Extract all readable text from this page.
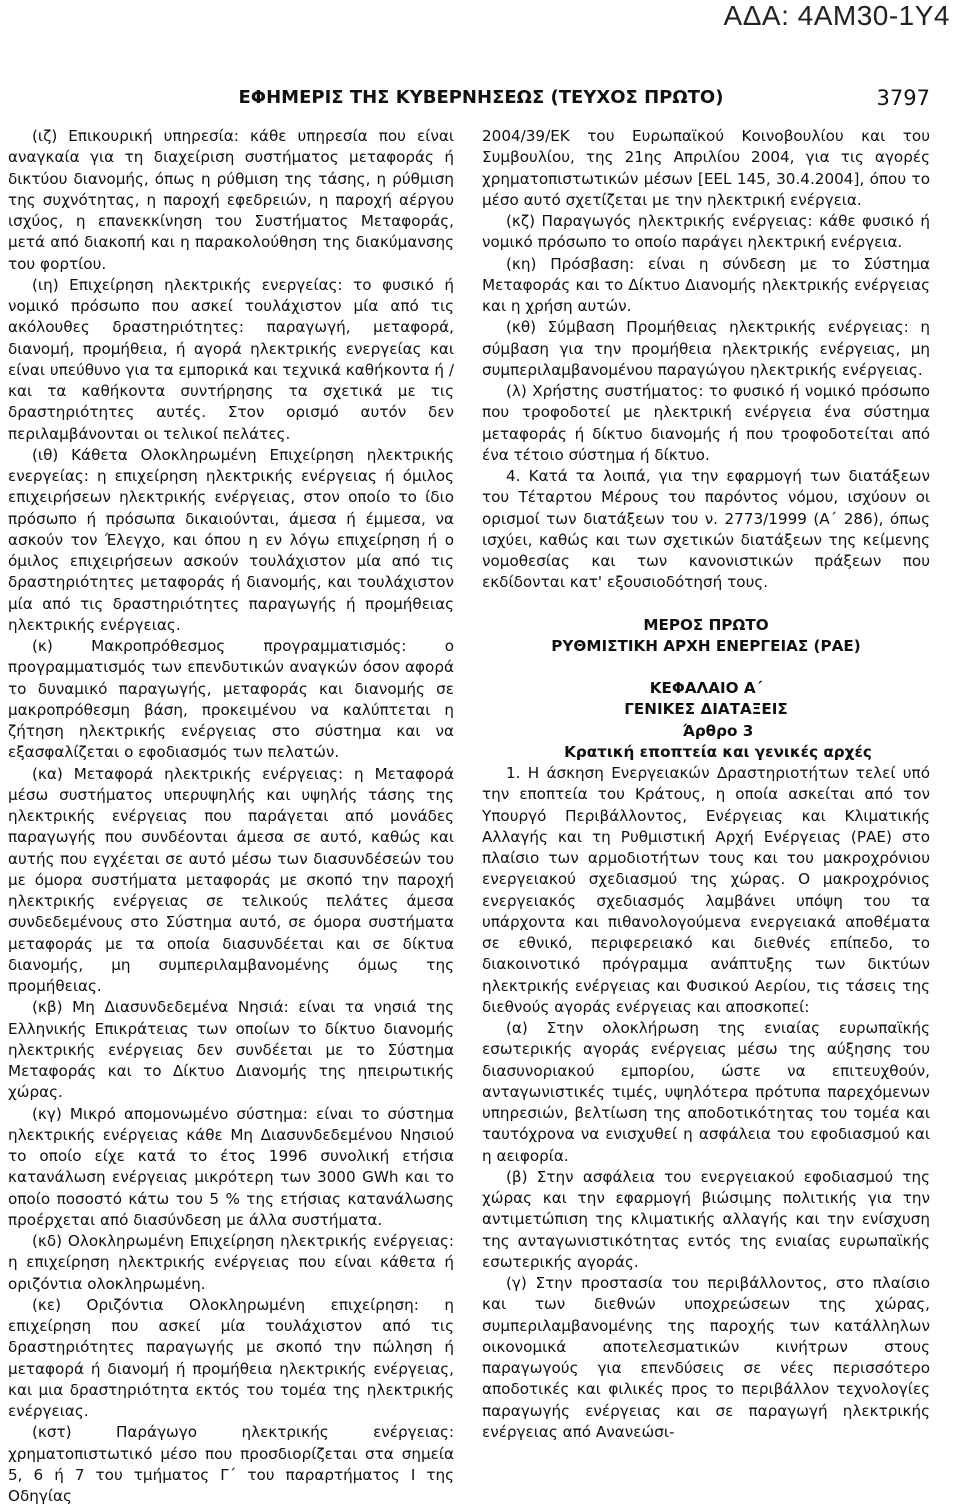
ΑΔΑ: 4ΑΜ30-1Υ4
ΕΦΗΜΕΡΙΣ ΤΗΣ ΚΥΒΕΡΝΗΣΕΩΣ (ΤΕΥΧΟΣ ΠΡΩΤΟ)	3797

(ιζ) Επικουρική υπηρεσία: κάθε υπηρεσία που είναι αναγκαία για τη διαχείριση συστήματος μεταφοράς ή δικτύου διανομής, όπως η ρύθμιση της τάσης, η ρύθμιση της συχνότητας, η παροχή εφεδρειών, η παροχή αέργου ισχύος, η επανεκκίνηση του Συστήματος Μεταφοράς, μετά από διακοπή και η παρακολούθηση της διακύμανσης του φορτίου.

(ιη) Επιχείρηση ηλεκτρικής ενεργείας: το φυσικό ή νομικό πρόσωπο που ασκεί τουλάχιστον μία από τις ακόλουθες δραστηριότητες: παραγωγή, μεταφορά, διανομή, προμήθεια, ή αγορά ηλεκτρικής ενεργείας και είναι υπεύθυνο για τα εμπορικά και τεχνικά καθήκοντα ή /και τα καθήκοντα συντήρησης τα σχετικά με τις δραστηριότητες αυτές. Στον ορισμό αυτόν δεν περιλαμβάνονται οι τελικοί πελάτες.

(ιθ) Κάθετα Ολοκληρωμένη Επιχείρηση ηλεκτρικής ενεργείας: η επιχείρηση ηλεκτρικής ενέργειας ή όμιλος επιχειρήσεων ηλεκτρικής ενέργειας, στον οποίο το ίδιο πρόσωπο ή πρόσωπα δικαιούνται, άμεσα ή έμμεσα, να ασκούν τον Έλεγχο, και όπου η εν λόγω επιχείρηση ή ο όμιλος επιχειρήσεων ασκούν τουλάχιστον μία από τις δραστηριότητες μεταφοράς ή διανομής, και τουλάχιστον μία από τις δραστηριότητες παραγωγής ή προμήθειας ηλεκτρικής ενέργειας.

(κ) Μακροπρόθεσμος προγραμματισμός: ο προγραμματισμός των επενδυτικών αναγκών όσον αφορά το δυναμικό παραγωγής, μεταφοράς και διανομής σε μακροπρόθεσμη βάση, προκειμένου να καλύπτεται η ζήτηση ηλεκτρικής ενέργειας στο σύστημα και να εξασφαλίζεται ο εφοδιασμός των πελατών.

(κα) Μεταφορά ηλεκτρικής ενέργειας: η Μεταφορά μέσω συστήματος υπερυψηλής και υψηλής τάσης της ηλεκτρικής ενέργειας που παράγεται από μονάδες παραγωγής που συνδέονται άμεσα σε αυτό, καθώς και αυτής που εγχέεται σε αυτό μέσω των διασυνδέσεών του με όμορα συστήματα μεταφοράς με σκοπό την παροχή ηλεκτρικής ενέργειας σε τελικούς πελάτες άμεσα συνδεδεμένους στο Σύστημα αυτό, σε όμορα συστήματα μεταφοράς με τα οποία διασυνδέεται και σε δίκτυα διανομής, μη συμπεριλαμβανομένης όμως της προμήθειας.

(κβ) Μη Διασυνδεδεμένα Νησιά: είναι τα νησιά της Ελληνικής Επικράτειας των οποίων το δίκτυο διανομής ηλεκτρικής ενέργειας δεν συνδέεται με το Σύστημα Μεταφοράς και το Δίκτυο Διανομής της ηπειρωτικής χώρας.

(κγ) Μικρό απομονωμένο σύστημα: είναι το σύστημα ηλεκτρικής ενέργειας κάθε Μη Διασυνδεδεμένου Νησιού το οποίο είχε κατά το έτος 1996 συνολική ετήσια κατανάλωση ενέργειας μικρότερη των 3000 GWh και το οποίο ποσοστό κάτω του 5 % της ετήσιας κατανάλωσης προέρχεται από διασύνδεση με άλλα συστήματα.

(κδ) Ολοκληρωμένη Επιχείρηση ηλεκτρικής ενέργειας: η επιχείρηση ηλεκτρικής ενέργειας που είναι κάθετα ή οριζόντια ολοκληρωμένη.

(κε) Οριζόντια Ολοκληρωμένη επιχείρηση: η επιχείρηση που ασκεί μία τουλάχιστον από τις δραστηριότητες παραγωγής με σκοπό την πώληση ή μεταφορά ή διανομή ή προμήθεια ηλεκτρικής ενέργειας, και μια δραστηριότητα εκτός του τομέα της ηλεκτρικής ενέργειας.

(κστ) Παράγωγο ηλεκτρικής ενέργειας: χρηματοπιστωτικό μέσο που προσδιορίζεται στα σημεία 5, 6 ή 7 του τμήματος Γ΄ του παραρτήματος Ι της Οδηγίας

2004/39/ΕΚ του Ευρωπαϊκού Κοινοβουλίου και του Συμβουλίου, της 21ης Απριλίου 2004, για τις αγορές χρηματοπιστωτικών μέσων [EEL 145, 30.4.2004], όπου το μέσο αυτό σχετίζεται με την ηλεκτρική ενέργεια.

(κζ) Παραγωγός ηλεκτρικής ενέργειας: κάθε φυσικό ή νομικό πρόσωπο το οποίο παράγει ηλεκτρική ενέργεια.

(κη) Πρόσβαση: είναι η σύνδεση με το Σύστημα Μεταφοράς και το Δίκτυο Διανομής ηλεκτρικής ενέργειας και η χρήση αυτών.

(κθ) Σύμβαση Προμήθειας ηλεκτρικής ενέργειας: η σύμβαση για την προμήθεια ηλεκτρικής ενέργειας, μη συμπεριλαμβανομένου παραγώγου ηλεκτρικής ενέργειας.

(λ) Χρήστης συστήματος: το φυσικό ή νομικό πρόσωπο που τροφοδοτεί με ηλεκτρική ενέργεια ένα σύστημα μεταφοράς ή δίκτυο διανομής ή που τροφοδοτείται από ένα τέτοιο σύστημα ή δίκτυο.

4. Κατά τα λοιπά, για την εφαρμογή των διατάξεων του Τέταρτου Μέρους του παρόντος νόμου, ισχύουν οι ορισμοί των διατάξεων του ν. 2773/1999 (Α΄ 286), όπως ισχύει, καθώς και των σχετικών διατάξεων της κείμενης νομοθεσίας και των κανονιστικών πράξεων που εκδίδονται κατ' εξουσιοδότησή τους.

ΜΕΡΟΣ ΠΡΩΤΟ

ΡΥΘΜΙΣΤΙΚΗ ΑΡΧΗ ΕΝΕΡΓΕΙΑΣ (ΡΑΕ)

ΚΕΦΑΛΑΙΟ Α΄

ΓΕΝΙΚΕΣ ΔΙΑΤΑΞΕΙΣ

Άρθρο 3

Κρατική εποπτεία και γενικές αρχές

1. Η άσκηση Ενεργειακών Δραστηριοτήτων τελεί υπό την εποπτεία του Κράτους, η οποία ασκείται από τον Υπουργό Περιβάλλοντος, Ενέργειας και Κλιματικής Αλλαγής και τη Ρυθμιστική Αρχή Ενέργειας (ΡΑΕ) στο πλαίσιο των αρμοδιοτήτων τους και του μακροχρόνιου ενεργειακού σχεδιασμού της χώρας. Ο μακροχρόνιος ενεργειακός σχεδιασμός λαμβάνει υπόψη του τα υπάρχοντα και πιθανολογούμενα ενεργειακά αποθέματα σε εθνικό, περιφερειακό και διεθνές επίπεδο, το διακοινοτικό πρόγραμμα ανάπτυξης των δικτύων ηλεκτρικής ενέργειας και Φυσικού Αερίου, τις τάσεις της διεθνούς αγοράς ενέργειας και αποσκοπεί:

(α) Στην ολοκλήρωση της ενιαίας ευρωπαϊκής εσωτερικής αγοράς ενέργειας μέσω της αύξησης του διασυνοριακού εμπορίου, ώστε να επιτευχθούν, ανταγωνιστικές τιμές, υψηλότερα πρότυπα παρεχόμενων υπηρεσιών, βελτίωση της αποδοτικότητας του τομέα και ταυτόχρονα να ενισχυθεί η ασφάλεια του εφοδιασμού και η αειφορία.

(β) Στην ασφάλεια του ενεργειακού εφοδιασμού της χώρας και την εφαρμογή βιώσιμης πολιτικής για την αντιμετώπιση της κλιματικής αλλαγής και την ενίσχυση της ανταγωνιστικότητας εντός της ενιαίας ευρωπαϊκής εσωτερικής αγοράς.

(γ) Στην προστασία του περιβάλλοντος, στο πλαίσιο και των διεθνών υποχρεώσεων της χώρας, συμπεριλαμβανομένης της παροχής των κατάλληλων οικονομικά αποτελεσματικών κινήτρων στους παραγωγούς για επενδύσεις σε νέες περισσότερο αποδοτικές και φιλικές προς το περιβάλλον τεχνολογίες παραγωγής ενέργειας και σε παραγωγή ηλεκτρικής ενέργειας από Ανανεώσι-
